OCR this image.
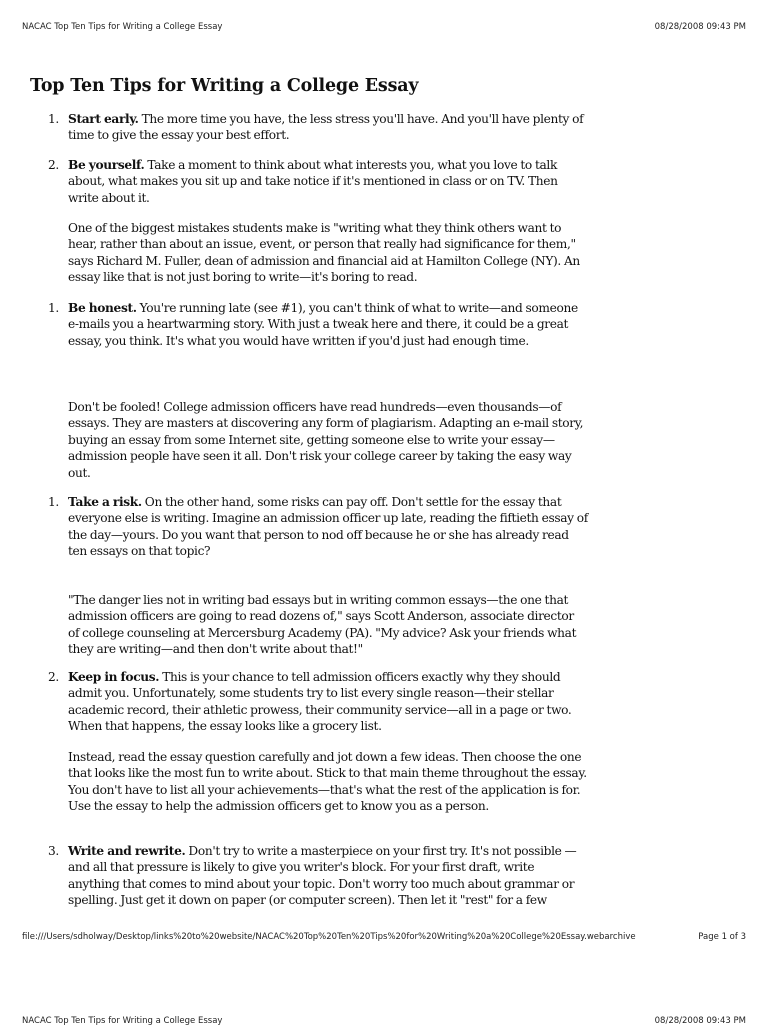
NACAC Top Ten Tips for Writing a College Essay	08/28/2008 09:43 PM
Top Ten Tips for Writing a College Essay

1. Start early. The more time you have, the less stress you'll have. And you'll have plenty of time to give the essay your best effort.

2. Be yourself. Take a moment to think about what interests you, what you love to talk about, what makes you sit up and take notice if it's mentioned in class or on TV. Then write about it.

One of the biggest mistakes students make is "writing what they think others want to hear, rather than about an issue, event, or person that really had significance for them," says Richard M. Fuller, dean of admission and financial aid at Hamilton College (NY). An essay like that is not just boring to write—it's boring to read.

1. Be honest. You're running late (see #1), you can't think of what to write—and someone e-mails you a heartwarming story. With just a tweak here and there, it could be a great essay, you think. It's what you would have written if you'd just had enough time.

Don't be fooled! College admission officers have read hundreds—even thousands—of essays. They are masters at discovering any form of plagiarism. Adapting an e-mail story, buying an essay from some Internet site, getting someone else to write your essay—admission people have seen it all. Don't risk your college career by taking the easy way out.

1. Take a risk. On the other hand, some risks can pay off. Don't settle for the essay that everyone else is writing. Imagine an admission officer up late, reading the fiftieth essay of the day—yours. Do you want that person to nod off because he or she has already read ten essays on that topic?

"The danger lies not in writing bad essays but in writing common essays—the one that admission officers are going to read dozens of," says Scott Anderson, associate director of college counseling at Mercersburg Academy (PA). "My advice? Ask your friends what they are writing—and then don't write about that!"

2. Keep in focus. This is your chance to tell admission officers exactly why they should admit you. Unfortunately, some students try to list every single reason—their stellar academic record, their athletic prowess, their community service—all in a page or two. When that happens, the essay looks like a grocery list.

Instead, read the essay question carefully and jot down a few ideas. Then choose the one that looks like the most fun to write about. Stick to that main theme throughout the essay. You don't have to list all your achievements—that's what the rest of the application is for. Use the essay to help the admission officers get to know you as a person.

3. Write and rewrite. Don't try to write a masterpiece on your first try. It's not possible —and all that pressure is likely to give you writer's block. For your first draft, write anything that comes to mind about your topic. Don't worry too much about grammar or spelling. Just get it down on paper (or computer screen). Then let it "rest" for a few

file:///Users/sdholway/Desktop/links%20to%20website/NACAC%20Top%20Ten%20Tips%20for%20Writing%20a%20College%20Essay.webarchive	Page 1 of 3
NACAC Top Ten Tips for Writing a College Essay	08/28/2008 09:43 PM
